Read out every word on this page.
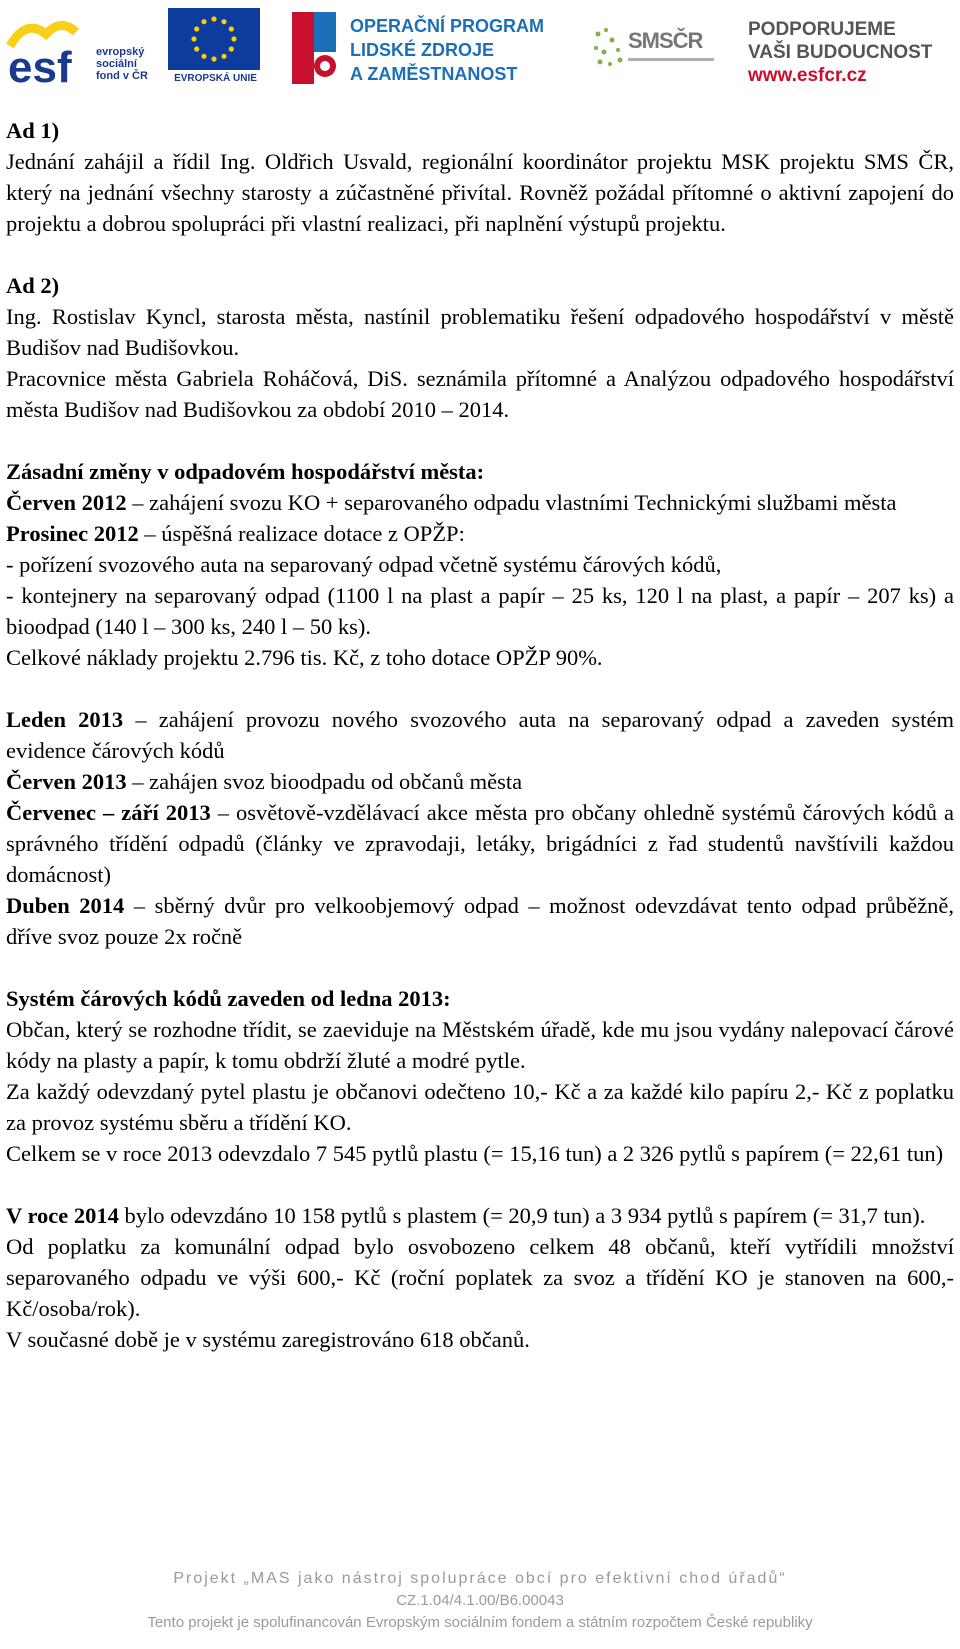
esf evropský
sociální
fond v ČR	EVROPSKÁ UNIE
OPERAČNÍ PROGRAM
LIDSKÉ ZDROJE
A ZAMĚSTNANOST
SMSČR PODPORUJEME
VAŠI BUDOUCNOST
www.esfcr.cz

Ad 1)

Jednání zahájil a řídil Ing. Oldřich Usvald, regionální koordinátor projektu MSK projektu SMS ČR, který na jednání všechny starosty a zúčastněné přivítal. Rovněž požádal přítomné o aktivní zapojení do projektu a dobrou spolupráci při vlastní realizaci, při naplnění výstupů projektu.

Ad 2)

Ing. Rostislav Kyncl, starosta města, nastínil problematiku řešení odpadového hospodářství v městě Budišov nad Budišovkou.

Pracovnice města Gabriela Roháčová, DiS. seznámila přítomné a Analýzou odpadového hospodářství města Budišov nad Budišovkou za období 2010 – 2014.

Zásadní změny v odpadovém hospodářství města:

Červen 2012 – zahájení svozu KO + separovaného odpadu vlastními Technickými službami města

Prosinec 2012 – úspěšná realizace dotace z OPŽP:

- pořízení svozového auta na separovaný odpad včetně systému čárových kódů,

- kontejnery na separovaný odpad (1100 l na plast a papír – 25 ks, 120 l na plast, a papír – 207 ks) a bioodpad (140 l – 300 ks, 240 l – 50 ks).

Celkové náklady projektu 2.796 tis. Kč, z toho dotace OPŽP 90%.

Leden 2013 – zahájení provozu nového svozového auta na separovaný odpad a zaveden systém evidence čárových kódů

Červen 2013 – zahájen svoz bioodpadu od občanů města

Červenec – září 2013 – osvětově-vzdělávací akce města pro občany ohledně systémů čárových kódů a správného třídění odpadů (články ve zpravodaji, letáky, brigádníci z řad studentů navštívili každou domácnost)

Duben 2014 – sběrný dvůr pro velkoobjemový odpad – možnost odevzdávat tento odpad průběžně, dříve svoz pouze 2x ročně

Systém čárových kódů zaveden od ledna 2013:

Občan, který se rozhodne třídit, se zaeviduje na Městském úřadě, kde mu jsou vydány nalepovací čárové kódy na plasty a papír, k tomu obdrží žluté a modré pytle.

Za každý odevzdaný pytel plastu je občanovi odečteno 10,- Kč a za každé kilo papíru 2,- Kč z poplatku za provoz systému sběru a třídění KO.

Celkem se v roce 2013 odevzdalo 7 545 pytlů plastu (= 15,16 tun) a 2 326 pytlů s papírem (= 22,61 tun)

V roce 2014 bylo odevzdáno 10 158 pytlů s plastem (= 20,9 tun) a 3 934 pytlů s papírem (= 31,7 tun).

Od poplatku za komunální odpad bylo osvobozeno celkem 48 občanů, kteří vytřídili množství separovaného odpadu ve výši 600,- Kč (roční poplatek za svoz a třídění KO je stanoven na 600,- Kč/osoba/rok).

V současné době je v systému zaregistrováno 618 občanů.

Projekt „MAS jako nástroj spolupráce obcí pro efektivní chod úřadů“
CZ.1.04/4.1.00/B6.00043
Tento projekt je spolufinancován Evropským sociálním fondem a státním rozpočtem České republiky
